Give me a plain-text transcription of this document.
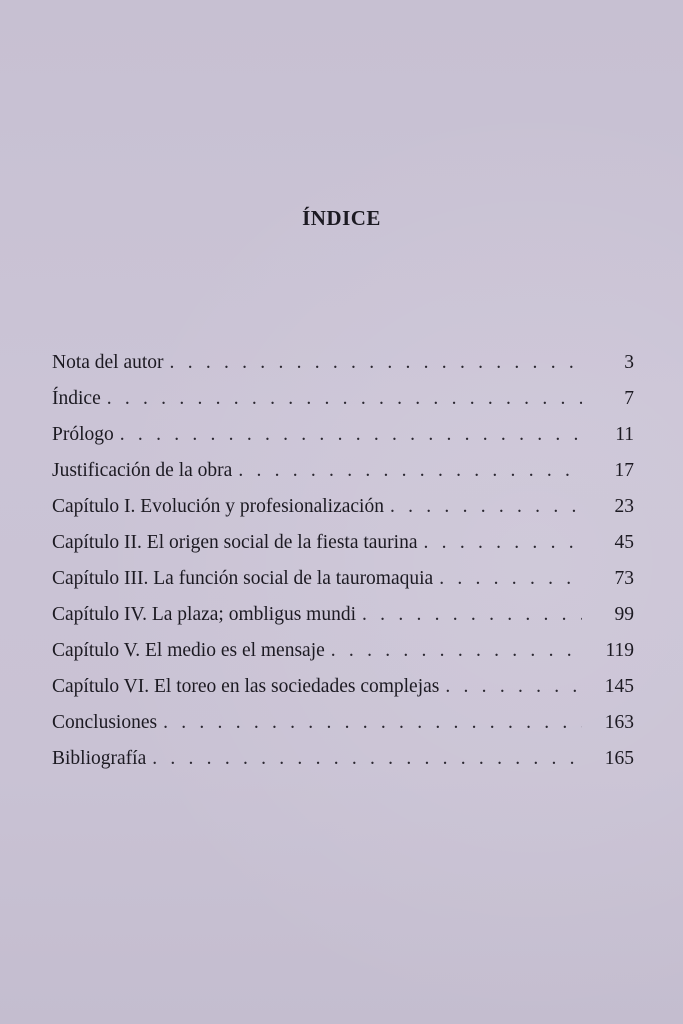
ÍNDICE
Nota del autor . . .	3
Índice . . .	7
Prólogo . . .	11
Justificación de la obra . . .	17
Capítulo I. Evolución y profesionalización . . .	23
Capítulo II. El origen social de la fiesta taurina . . .	45
Capítulo III. La función social de la tauromaquia . . .	73
Capítulo IV. La plaza; ombligus mundi . . .	99
Capítulo V. El medio es el mensaje . . .	119
Capítulo VI. El toreo en las sociedades complejas . . .	145
Conclusiones . . .	163
Bibliografía . . .	165
